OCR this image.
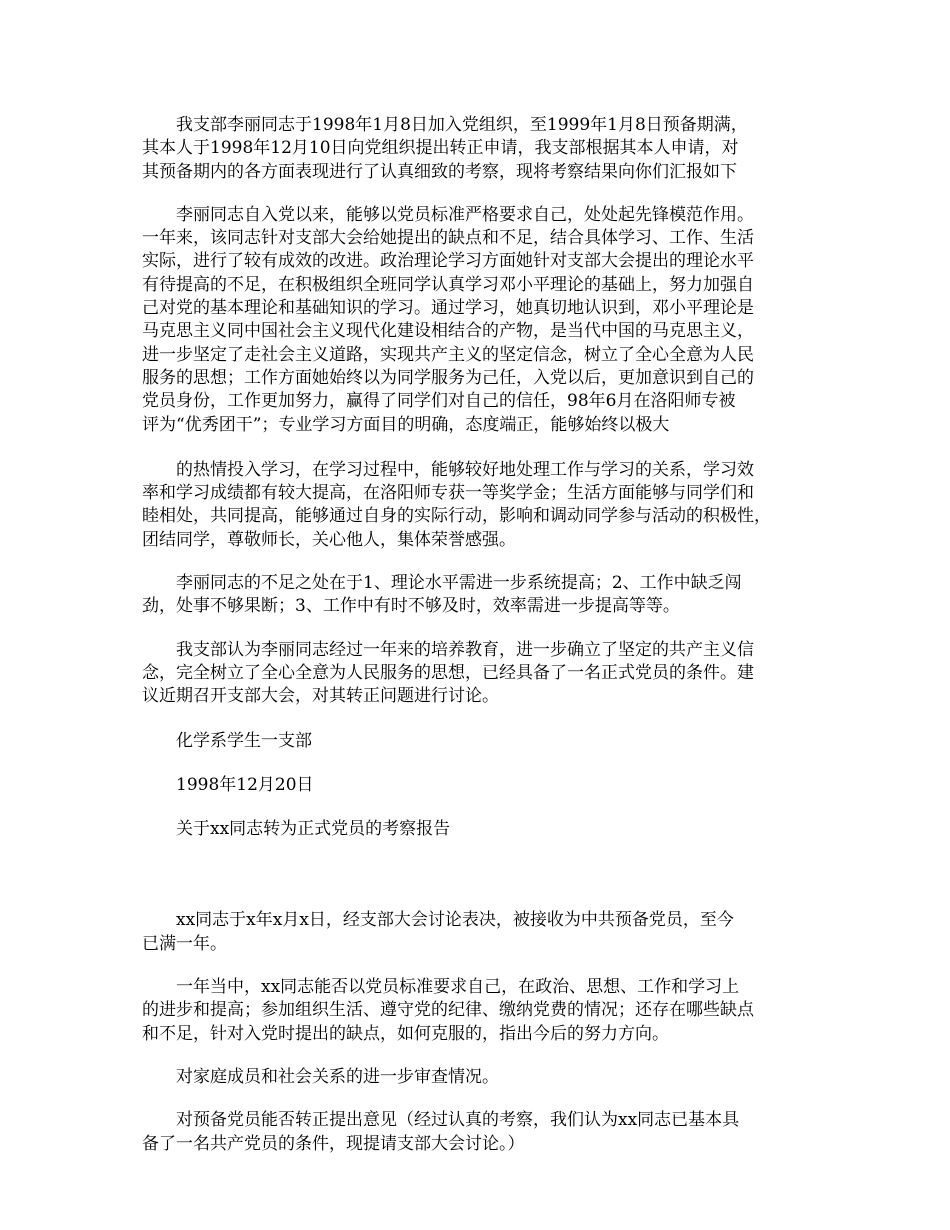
我支部李丽同志于1998年1月8日加入党组织，至1999年1月8日预备期满，
其本人于1998年12月10日向党组织提出转正申请，我支部根据其本人申请，对
其预备期内的各方面表现进行了认真细致的考察，现将考察结果向你们汇报如下

李丽同志自入党以来，能够以党员标准严格要求自己，处处起先锋模范作用。
一年来，该同志针对支部大会给她提出的缺点和不足，结合具体学习、工作、生活
实际，进行了较有成效的改进。政治理论学习方面她针对支部大会提出的理论水平
有待提高的不足，在积极组织全班同学认真学习邓小平理论的基础上，努力加强自
己对党的基本理论和基础知识的学习。通过学习，她真切地认识到，邓小平理论是
马克思主义同中国社会主义现代化建设相结合的产物，是当代中国的马克思主义，
进一步坚定了走社会主义道路，实现共产主义的坚定信念，树立了全心全意为人民
服务的思想；工作方面她始终以为同学服务为己任，入党以后，更加意识到自己的
党员身份，工作更加努力，赢得了同学们对自己的信任，98年6月在洛阳师专被
评为“优秀团干”；专业学习方面目的明确，态度端正，能够始终以极大

的热情投入学习，在学习过程中，能够较好地处理工作与学习的关系，学习效
率和学习成绩都有较大提高，在洛阳师专获一等奖学金；生活方面能够与同学们和
睦相处，共同提高，能够通过自身的实际行动，影响和调动同学参与活动的积极性，
团结同学，尊敬师长，关心他人，集体荣誉感强。

李丽同志的不足之处在于1、理论水平需进一步系统提高；2、工作中缺乏闯
劲，处事不够果断；3、工作中有时不够及时，效率需进一步提高等等。

我支部认为李丽同志经过一年来的培养教育，进一步确立了坚定的共产主义信
念，完全树立了全心全意为人民服务的思想，已经具备了一名正式党员的条件。建
议近期召开支部大会，对其转正问题进行讨论。

化学系学生一支部

1998年12月20日

关于xx同志转为正式党员的考察报告

xx同志于x年x月x日，经支部大会讨论表决，被接收为中共预备党员，至今
已满一年。

一年当中，xx同志能否以党员标准要求自己，在政治、思想、工作和学习上
的进步和提高；参加组织生活、遵守党的纪律、缴纳党费的情况；还存在哪些缺点
和不足，针对入党时提出的缺点，如何克服的，指出今后的努力方向。

对家庭成员和社会关系的进一步审查情况。

对预备党员能否转正提出意见（经过认真的考察，我们认为xx同志已基本具
备了一名共产党员的条件，现提请支部大会讨论。）
